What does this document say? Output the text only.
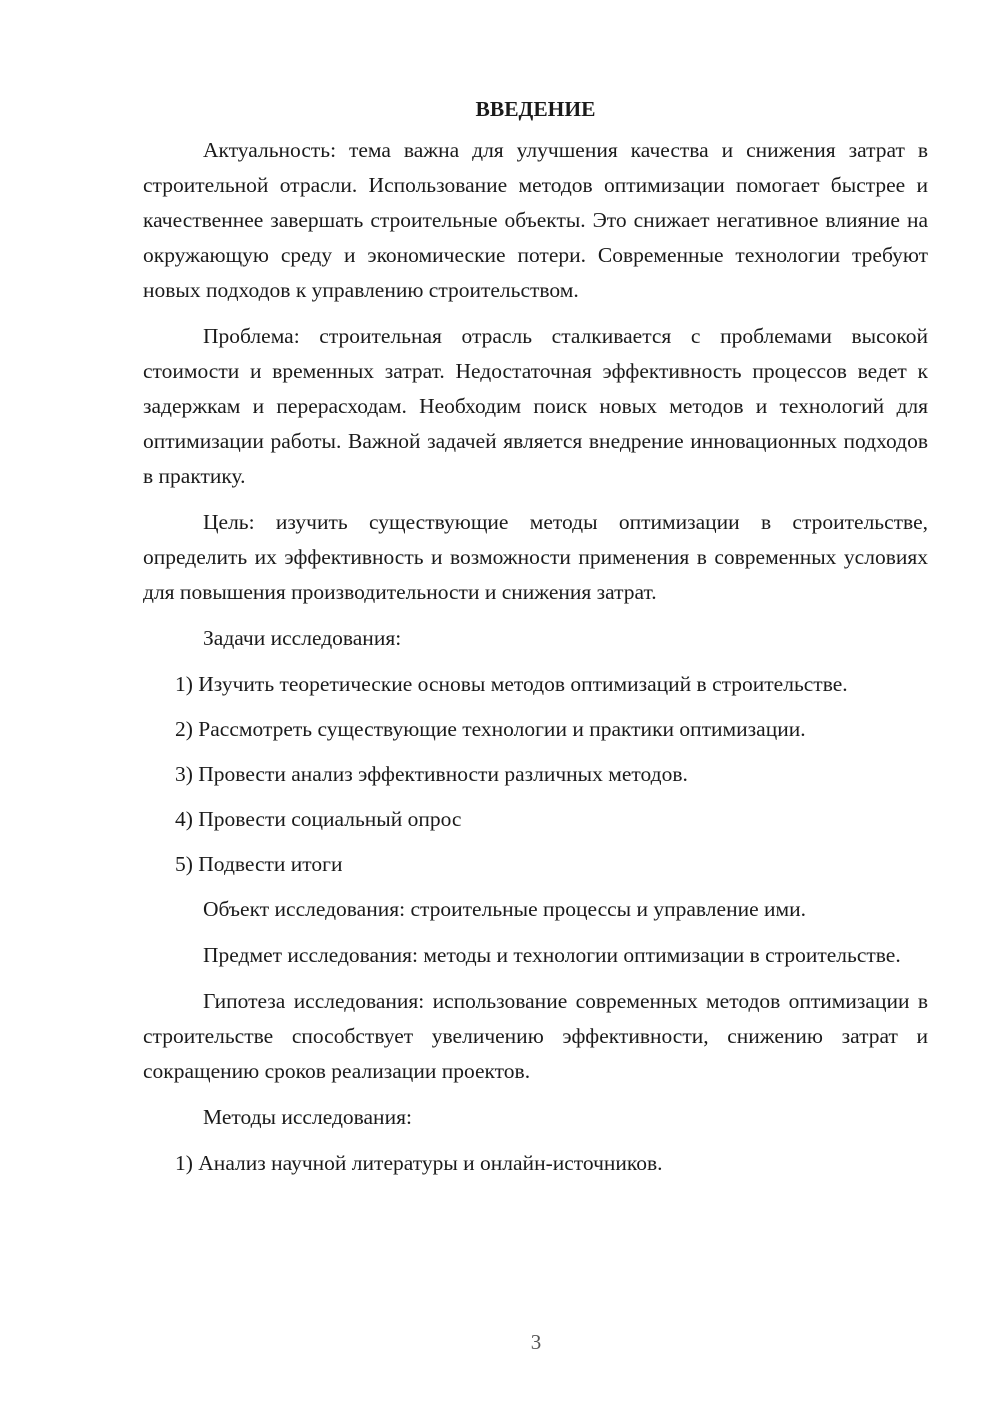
ВВЕДЕНИЕ

Актуальность: тема важна для улучшения качества и снижения затрат в строительной отрасли. Использование методов оптимизации помогает быстрее и качественнее завершать строительные объекты. Это снижает негативное влияние на окружающую среду и экономические потери. Современные технологии требуют новых подходов к управлению строительством.

Проблема: строительная отрасль сталкивается с проблемами высокой стоимости и временных затрат. Недостаточная эффективность процессов ведет к задержкам и перерасходам. Необходим поиск новых методов и технологий для оптимизации работы. Важной задачей является внедрение инновационных подходов в практику.

Цель: изучить существующие методы оптимизации в строительстве, определить их эффективность и возможности применения в современных условиях для повышения производительности и снижения затрат.

Задачи исследования:

1) Изучить теоретические основы методов оптимизаций в строительстве.

2) Рассмотреть существующие технологии и практики оптимизации.

3) Провести анализ эффективности различных методов.

4) Провести социальный опрос

5) Подвести итоги

Объект исследования: строительные процессы и управление ими.

Предмет исследования: методы и технологии оптимизации в строительстве.

Гипотеза исследования: использование современных методов оптимизации в строительстве способствует увеличению эффективности, снижению затрат и сокращению сроков реализации проектов.

Методы исследования:

1) Анализ научной литературы и онлайн-источников.

3
